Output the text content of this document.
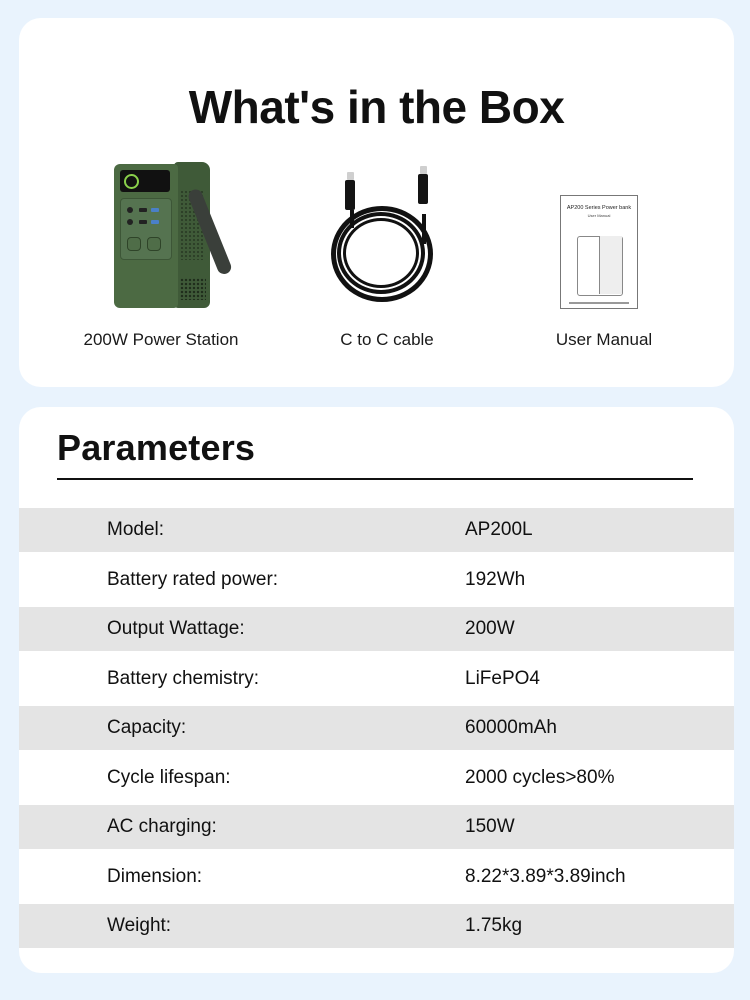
What's in the Box
200W Power Station	C to C cable
AP200 Series Power bank
User Manual
User Manual
Parameters
Model:	AP200L
Battery rated power:	192Wh
Output Wattage:	200W
Battery chemistry:	LiFePO4
Capacity:	60000mAh
Cycle lifespan:	2000 cycles>80%
AC charging:	150W
Dimension:	8.22*3.89*3.89inch
Weight:	1.75kg
